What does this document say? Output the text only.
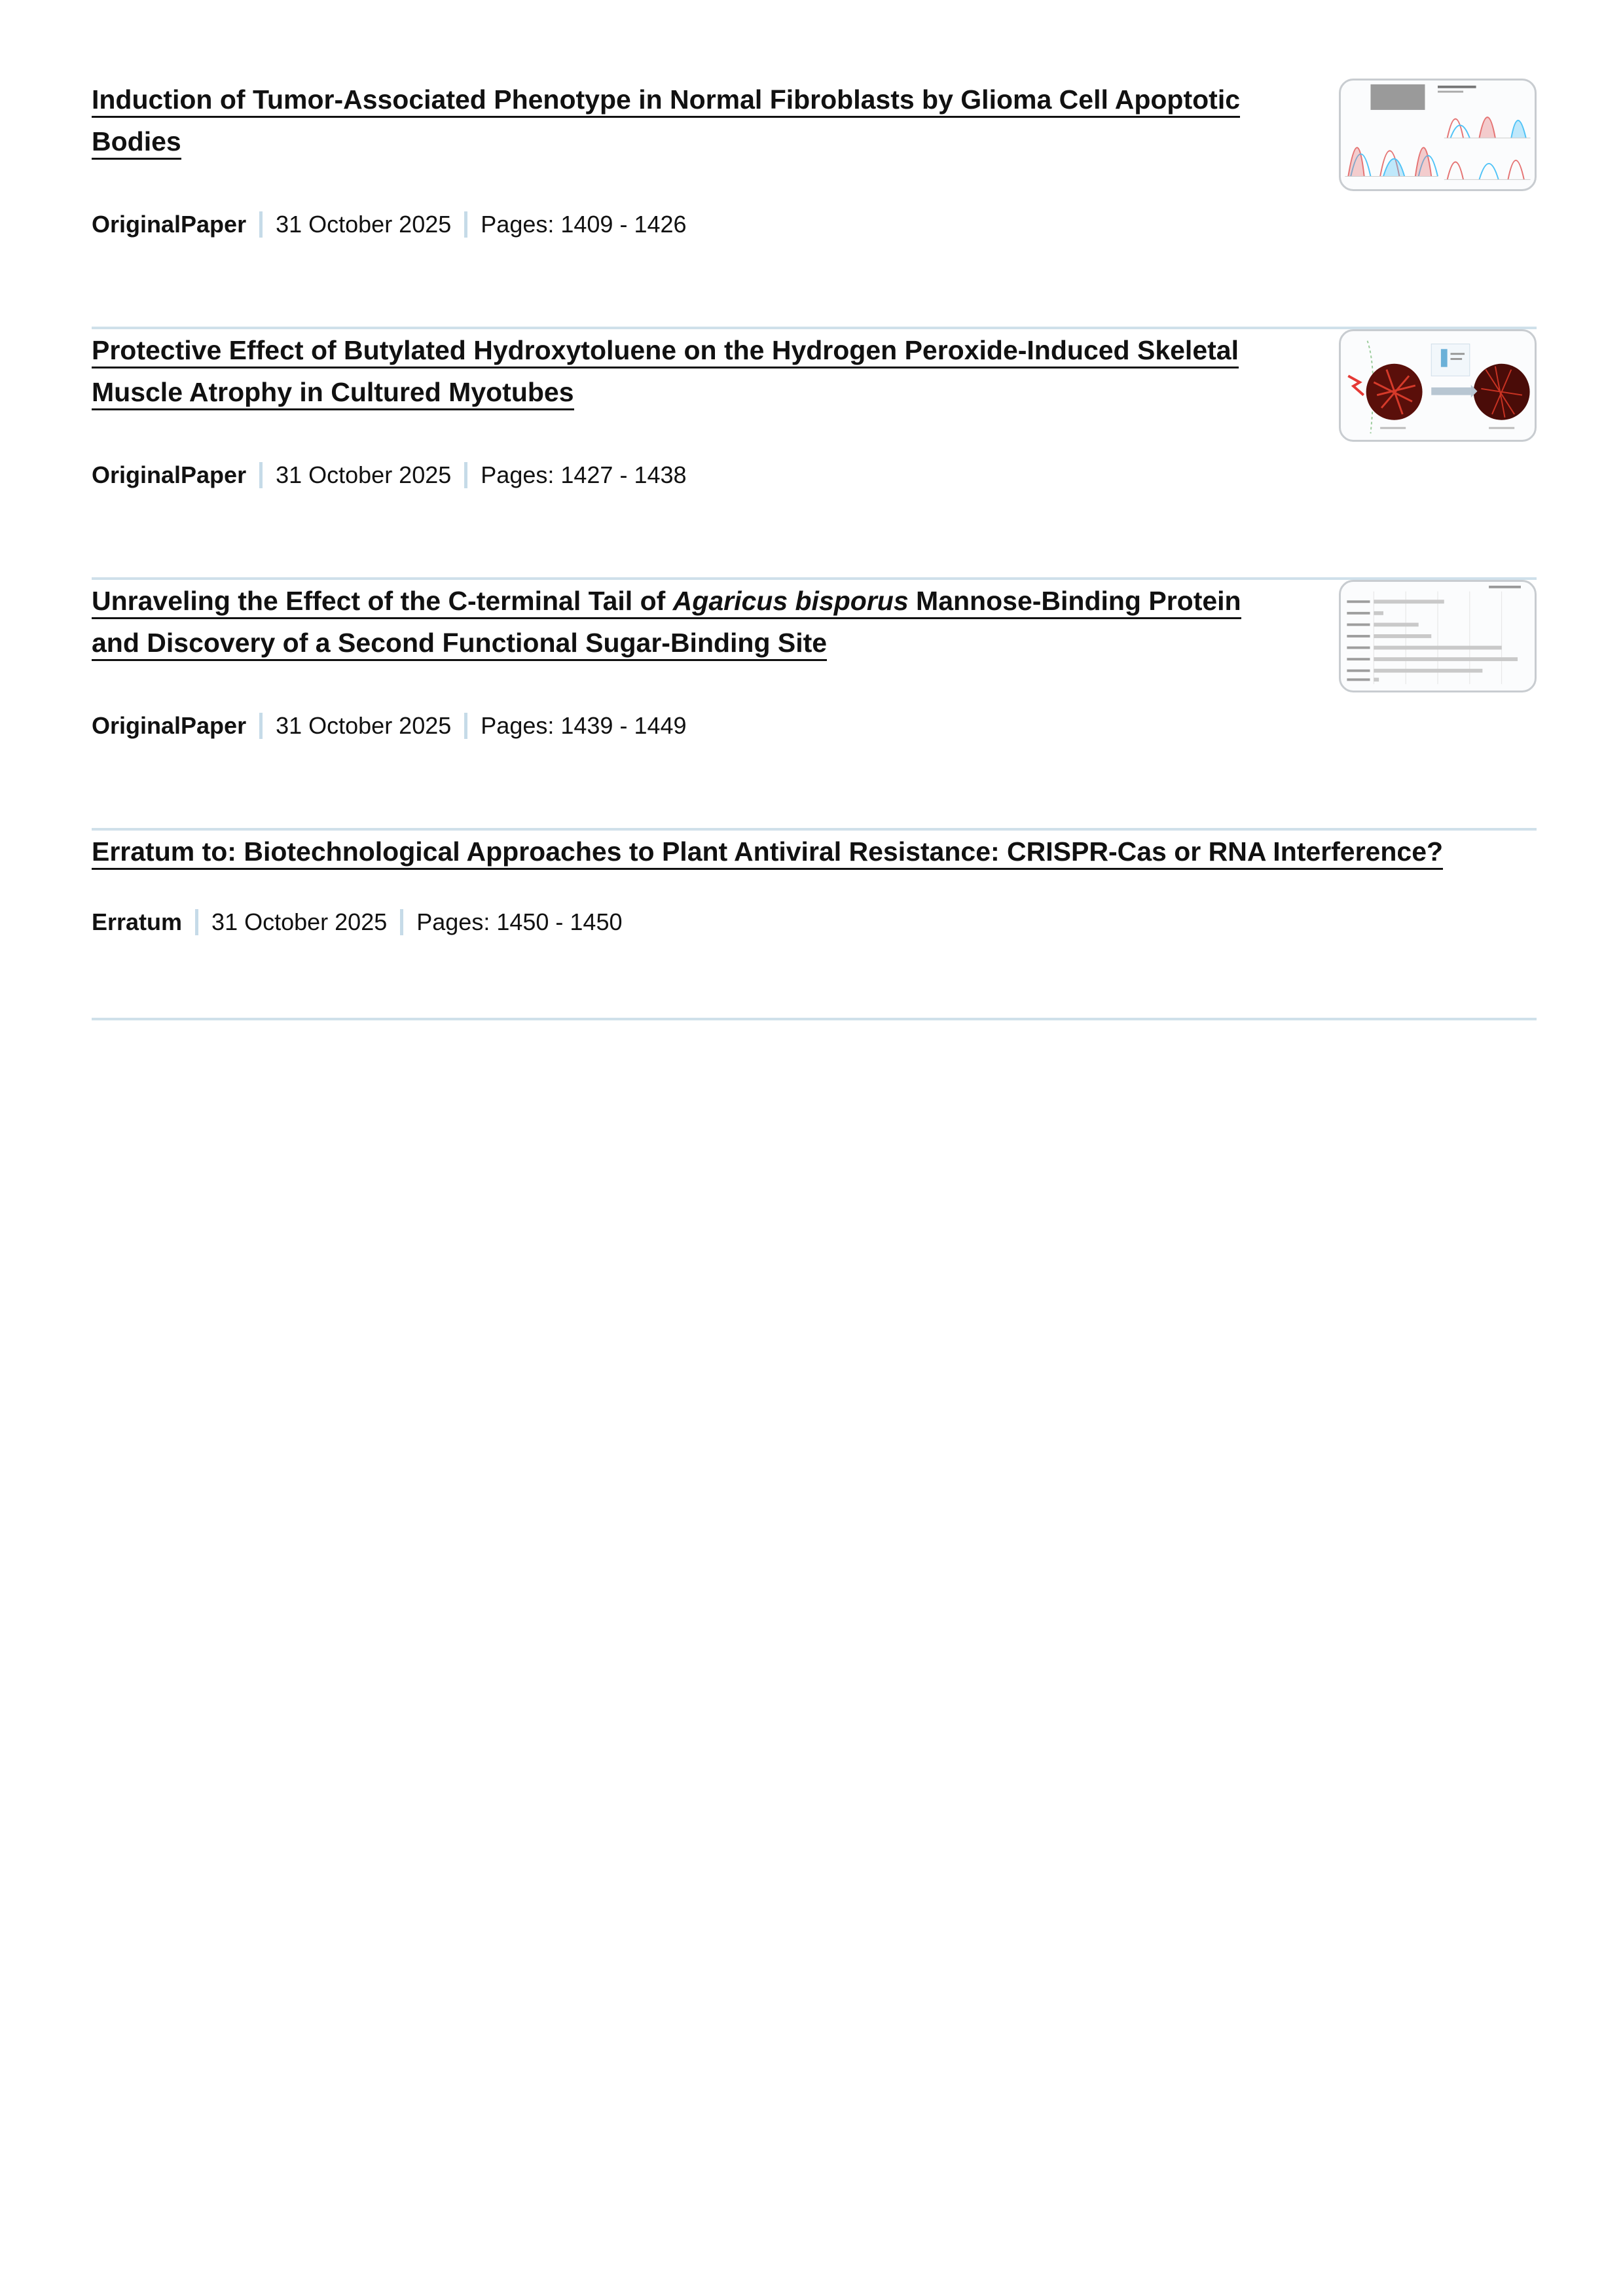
Induction of Tumor-Associated Phenotype in Normal Fibroblasts by Glioma Cell Apoptotic
Bodies
OriginalPaper 31 October 2025 Pages: 1409 - 1426
Protective Effect of Butylated Hydroxytoluene on the Hydrogen Peroxide-Induced Skeletal
Muscle Atrophy in Cultured Myotubes
OriginalPaper 31 October 2025 Pages: 1427 - 1438
Unraveling the Effect of the C-terminal Tail of Agaricus bisporus Mannose-Binding Protein
and Discovery of a Second Functional Sugar-Binding Site
OriginalPaper 31 October 2025 Pages: 1439 - 1449
Erratum to: Biotechnological Approaches to Plant Antiviral Resistance: CRISPR-Cas or RNA Interference?
Erratum 31 October 2025 Pages: 1450 - 1450
